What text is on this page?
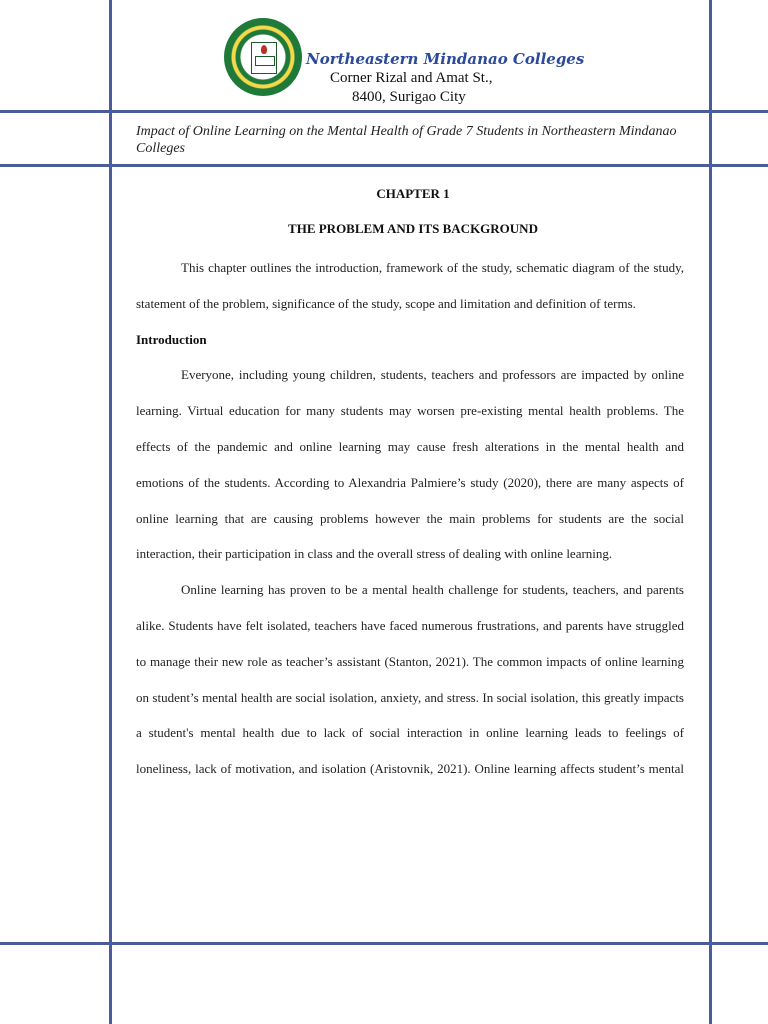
Northeastern Mindanao Colleges
Corner Rizal and Amat St.,
8400, Surigao City
Impact of Online Learning on the Mental Health of Grade 7 Students in Northeastern Mindanao Colleges
CHAPTER 1
THE PROBLEM AND ITS BACKGROUND

This chapter outlines the introduction, framework of the study, schematic diagram of the study, statement of the problem, significance of the study, scope and limitation and definition of terms.

Introduction

Everyone, including young children, students, teachers and professors are impacted by online learning. Virtual education for many students may worsen pre-existing mental health problems. The effects of the pandemic and online learning may cause fresh alterations in the mental health and emotions of the students. According to Alexandria Palmiere’s study (2020), there are many aspects of online learning that are causing problems however the main problems for students are the social interaction, their participation in class and the overall stress of dealing with online learning.

Online learning has proven to be a mental health challenge for students, teachers, and parents alike. Students have felt isolated, teachers have faced numerous frustrations, and parents have struggled to manage their new role as teacher’s assistant (Stanton, 2021). The common impacts of online learning on student’s mental health are social isolation, anxiety, and stress. In social isolation, this greatly impacts a student's mental health due to lack of social interaction in online learning leads to feelings of loneliness, lack of motivation, and isolation (Aristovnik, 2021). Online learning affects student’s mental
